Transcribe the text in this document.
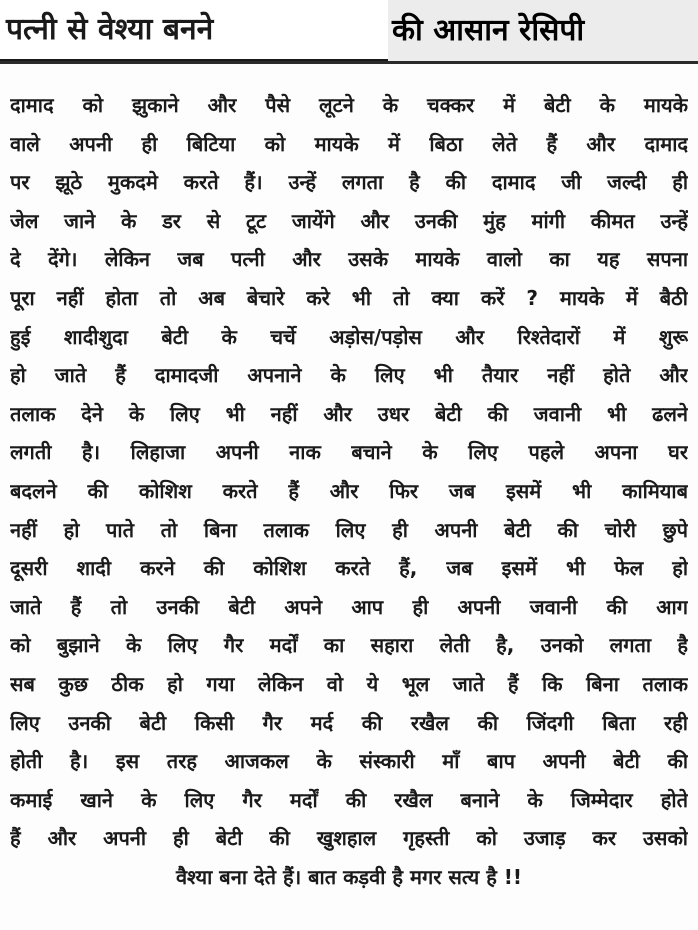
पत्नी से वेश्या बनने	की आसान रेसिपी
दामाद को झुकाने और पैसे लूटने के चक्कर में बेटी के मायके
वाले अपनी ही बिटिया को मायके में बिठा लेते हैं और दामाद
पर झूठे मुकदमे करते हैं। उन्हें लगता है की दामाद जी जल्दी ही
जेल जाने के डर से टूट जायेंगे और उनकी मुंह मांगी कीमत उन्हें
दे देंगे। लेकिन जब पत्नी और उसके मायके वालो का यह सपना
पूरा नहीं होता तो अब बेचारे करे भी तो क्या करें ? मायके में बैठी
हुई शादीशुदा बेटी के चर्चे अड़ोस/पड़ोस और रिश्तेदारों में शुरू
हो जाते हैं दामादजी अपनाने के लिए भी तैयार नहीं होते और
तलाक देने के लिए भी नहीं और उधर बेटी की जवानी भी ढलने
लगती है। लिहाजा अपनी नाक बचाने के लिए पहले अपना घर
बदलने की कोशिश करते हैं और फिर जब इसमें भी कामियाब
नहीं हो पाते तो बिना तलाक लिए ही अपनी बेटी की चोरी छुपे
दूसरी शादी करने की कोशिश करते हैं, जब इसमें भी फेल हो
जाते हैं तो उनकी बेटी अपने आप ही अपनी जवानी की आग
को बुझाने के लिए गैर मर्दों का सहारा लेती है, उनको लगता है
सब कुछ ठीक हो गया लेकिन वो ये भूल जाते हैं कि बिना तलाक
लिए उनकी बेटी किसी गैर मर्द की रखैल की जिंदगी बिता रही
होती है। इस तरह आजकल के संस्कारी माँ बाप अपनी बेटी की
कमाई खाने के लिए गैर मर्दों की रखैल बनाने के जिम्मेदार होते
हैं और अपनी ही बेटी की खुशहाल गृहस्ती को उजाड़ कर उसको
वैश्या बना देते हैं। बात कड़वी है मगर सत्य है !!
